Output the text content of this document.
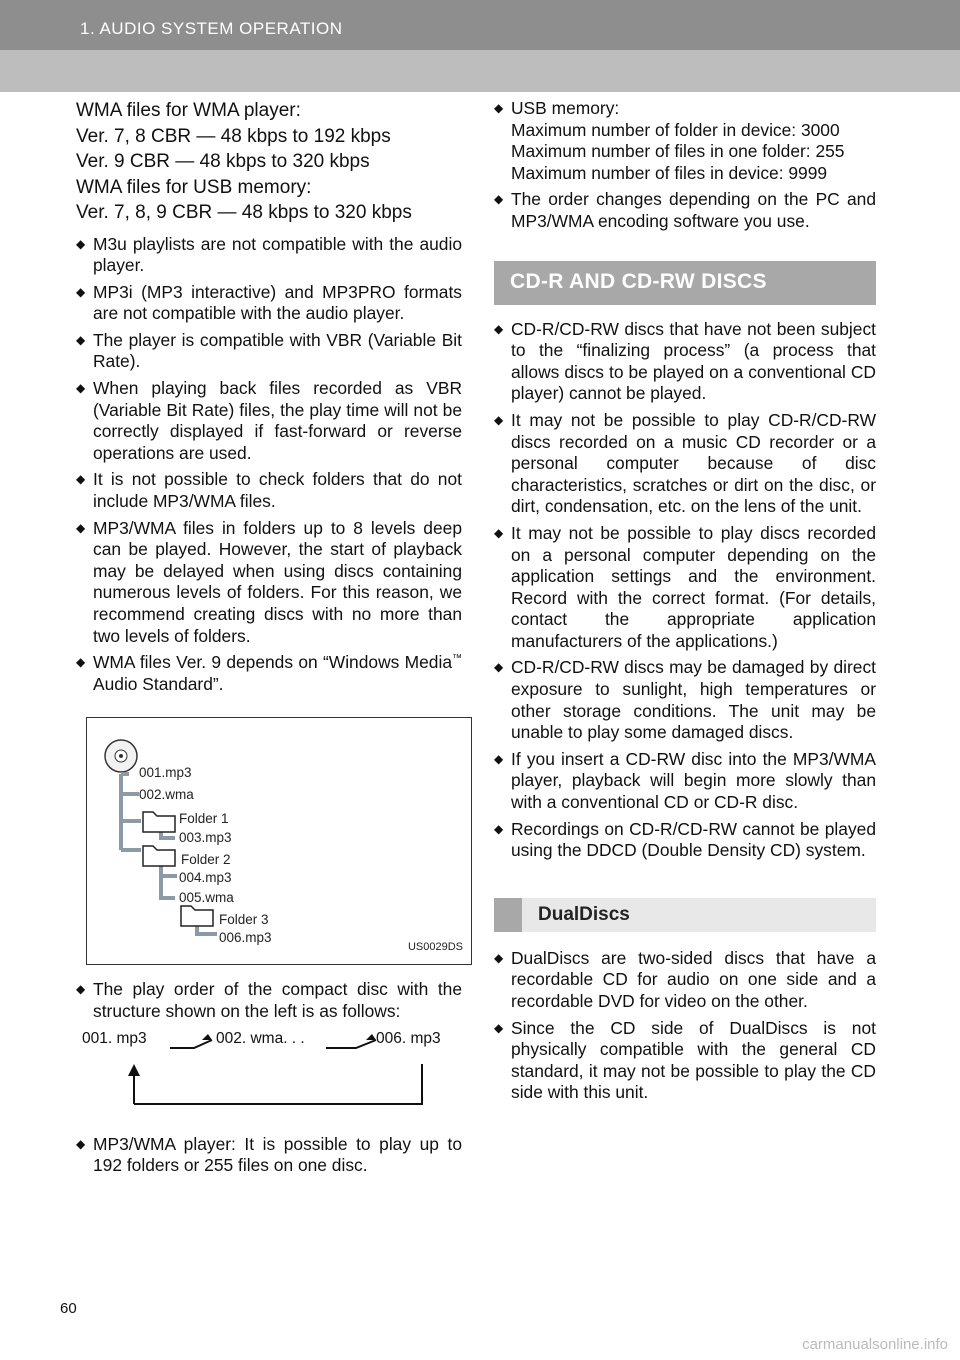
1. AUDIO SYSTEM OPERATION

WMA files for WMA player:

Ver. 7, 8 CBR — 48 kbps to 192 kbps

Ver. 9 CBR — 48 kbps to 320 kbps

WMA files for USB memory:

Ver. 7, 8, 9 CBR — 48 kbps to 320 kbps

◆ M3u playlists are not compatible with the audio player.
◆ MP3i (MP3 interactive) and MP3PRO formats are not compatible with the audio player.
◆ The player is compatible with VBR (Variable Bit Rate).
◆ When playing back files recorded as VBR (Variable Bit Rate) files, the play time will not be correctly displayed if fast-forward or reverse operations are used.
◆ It is not possible to check folders that do not include MP3/WMA files.
◆ MP3/WMA files in folders up to 8 levels deep can be played. However, the start of playback may be delayed when using discs containing numerous levels of folders. For this reason, we recommend creating discs with no more than two levels of folders.
◆ WMA files Ver. 9 depends on “Windows Media™ Audio Standard”.
001.mp3
002.wma
Folder 1
003.mp3
Folder 2
004.mp3
005.wma
Folder 3
006.mp3
US0029DS
◆ The play order of the compact disc with the structure shown on the left is as follows:
001. mp3	002. wma. . .	006. mp3
◆ MP3/WMA player: It is possible to play up to 192 folders or 255 files on one disc.
◆ USB memory:
Maximum number of folder in device: 3000
Maximum number of files in one folder: 255
Maximum number of files in device: 9999
◆ The order changes depending on the PC and MP3/WMA encoding software you use.
CD-R AND CD-RW DISCS
◆ CD-R/CD-RW discs that have not been subject to the “finalizing process” (a process that allows discs to be played on a conventional CD player) cannot be played.
◆ It may not be possible to play CD-R/CD-RW discs recorded on a music CD recorder or a personal computer because of disc characteristics, scratches or dirt on the disc, or dirt, condensation, etc. on the lens of the unit.
◆ It may not be possible to play discs recorded on a personal computer depending on the application settings and the environment. Record with the correct format. (For details, contact the appropriate application manufacturers of the applications.)
◆ CD-R/CD-RW discs may be damaged by direct exposure to sunlight, high temperatures or other storage conditions. The unit may be unable to play some damaged discs.
◆ If you insert a CD-RW disc into the MP3/WMA player, playback will begin more slowly than with a conventional CD or CD-R disc.
◆ Recordings on CD-R/CD-RW cannot be played using the DDCD (Double Density CD) system.
DualDiscs
◆ DualDiscs are two-sided discs that have a recordable CD for audio on one side and a recordable DVD for video on the other.
◆ Since the CD side of DualDiscs is not physically compatible with the general CD standard, it may not be possible to play the CD side with this unit.
60
carmanualsonline.info
